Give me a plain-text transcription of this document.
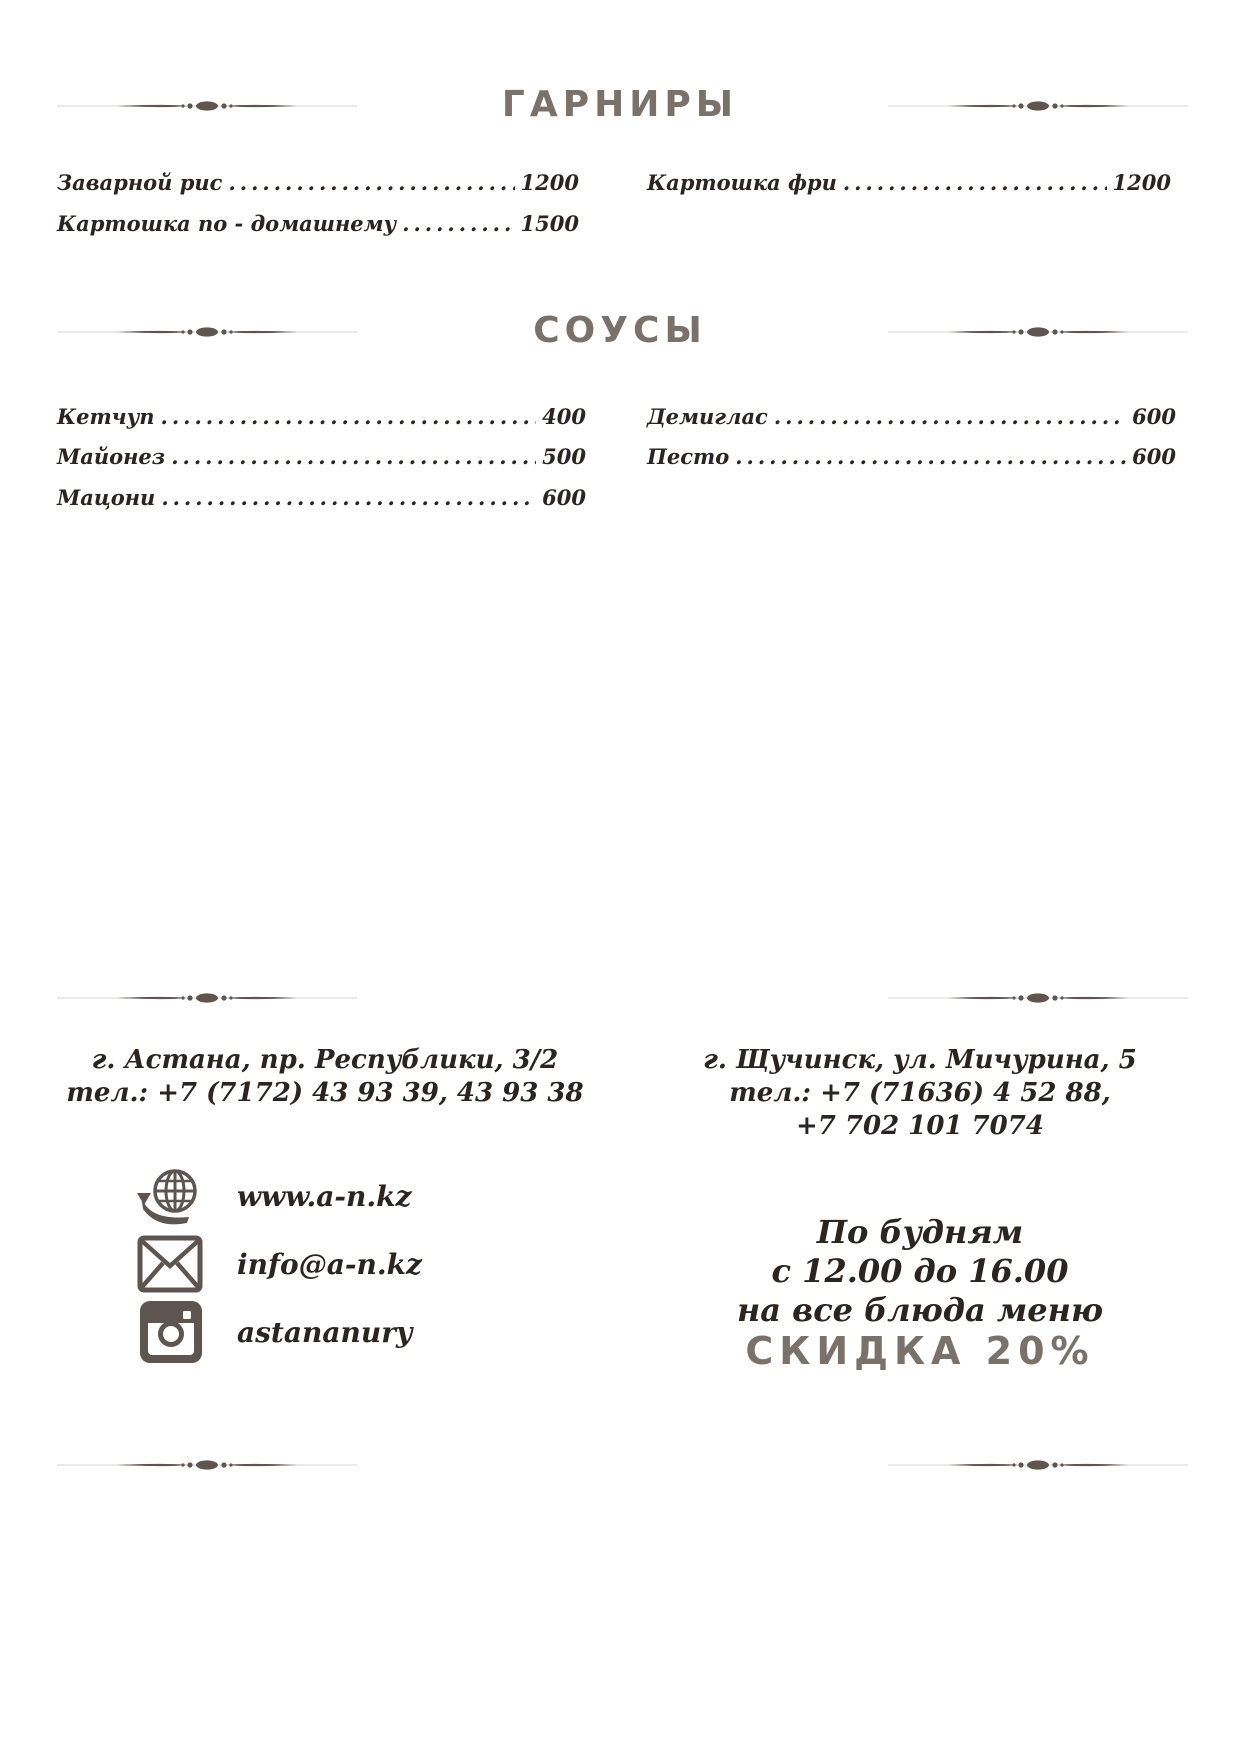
ГАРНИРЫ
Заварной рис .....	1200
Картошка по - домашнему .....	1500
Картошка фри .....	1200
СОУСЫ
Кетчуп .....	400
Майонез .....	500
Мацони .....	600
Демиглас .....	600
Песто .....	600
г. Астана, пр. Республики, 3/2
тел.: +7 (7172) 43 93 39, 43 93 38
г. Щучинск, ул. Мичурина, 5
тел.: +7 (71636) 4 52 88,
+7 702 101 7074
www.a-n.kz
info@a-n.kz
astananury
По будням
с 12.00 до 16.00
на все блюда меню
СКИДКА 20%
